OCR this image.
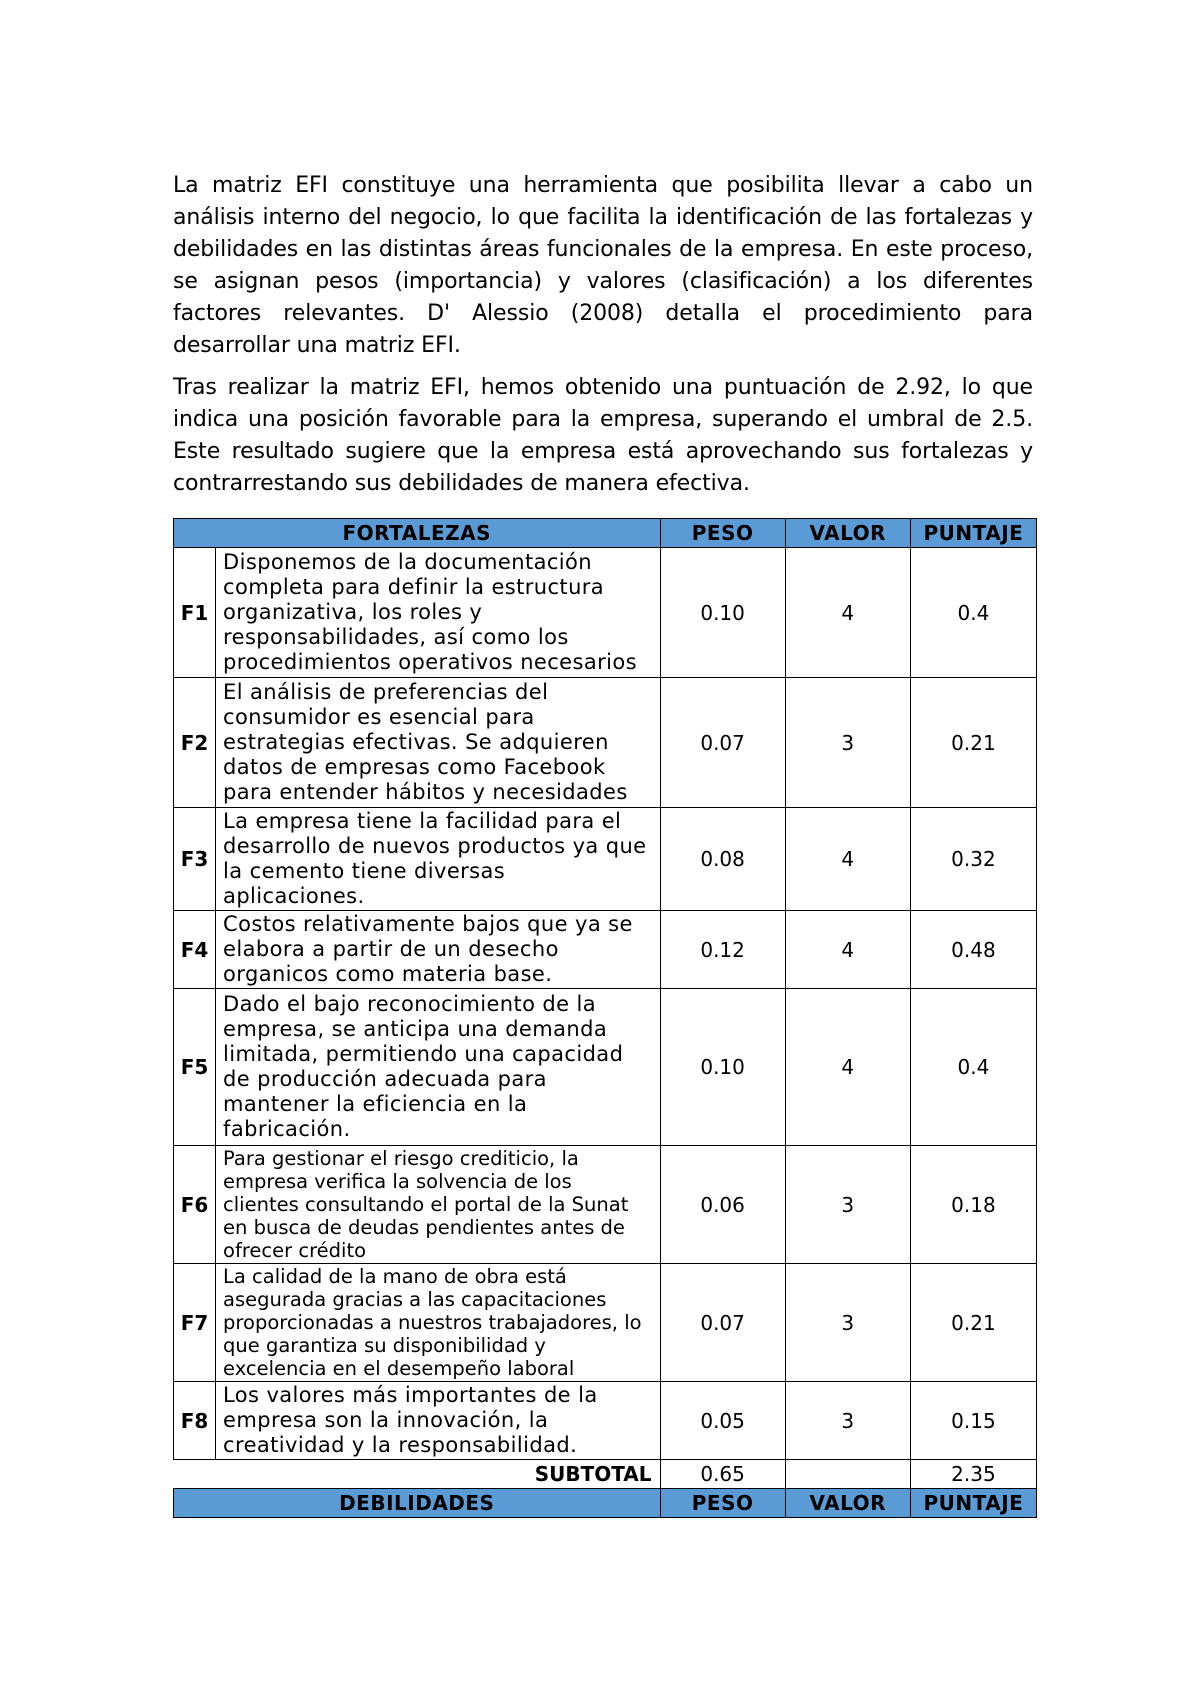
La matriz EFI constituye una herramienta que posibilita llevar a cabo un análisis interno del negocio, lo que facilita la identificación de las fortalezas y debilidades en las distintas áreas funcionales de la empresa. En este proceso, se asignan pesos (importancia) y valores (clasificación) a los diferentes factores relevantes. D' Alessio (2008) detalla el procedimiento para desarrollar una matriz EFI.

Tras realizar la matriz EFI, hemos obtenido una puntuación de 2.92, lo que indica una posición favorable para la empresa, superando el umbral de 2.5. Este resultado sugiere que la empresa está aprovechando sus fortalezas y contrarrestando sus debilidades de manera efectiva.

FORTALEZAS		PESO	VALOR	PUNTAJE
F1	Disponemos de la documentación completa para definir la estructura organizativa, los roles y responsabilidades, así como los procedimientos operativos necesarios	0.10	4	0.4
F2	El análisis de preferencias del consumidor es esencial para estrategias efectivas. Se adquieren datos de empresas como Facebook para entender hábitos y necesidades	0.07	3	0.21
F3	La empresa tiene la facilidad para el desarrollo de nuevos productos ya que la cemento tiene diversas aplicaciones.	0.08	4	0.32
F4	Costos relativamente bajos que ya se elabora a partir de un desecho organicos como materia base.	0.12	4	0.48
F5	Dado el bajo reconocimiento de la empresa, se anticipa una demanda limitada, permitiendo una capacidad de producción adecuada para mantener la eficiencia en la fabricación.	0.10	4	0.4
F6	Para gestionar el riesgo crediticio, la empresa verifica la solvencia de los clientes consultando el portal de la Sunat en busca de deudas pendientes antes de ofrecer crédito	0.06	3	0.18
F7	La calidad de la mano de obra está asegurada gracias a las capacitaciones proporcionadas a nuestros trabajadores, lo que garantiza su disponibilidad y excelencia en el desempeño laboral	0.07	3	0.21
F8	Los valores más importantes de la empresa son la innovación, la creatividad y la responsabilidad.	0.05	3	0.15
	SUBTOTAL	0.65		2.35
DEBILIDADES		PESO	VALOR	PUNTAJE
